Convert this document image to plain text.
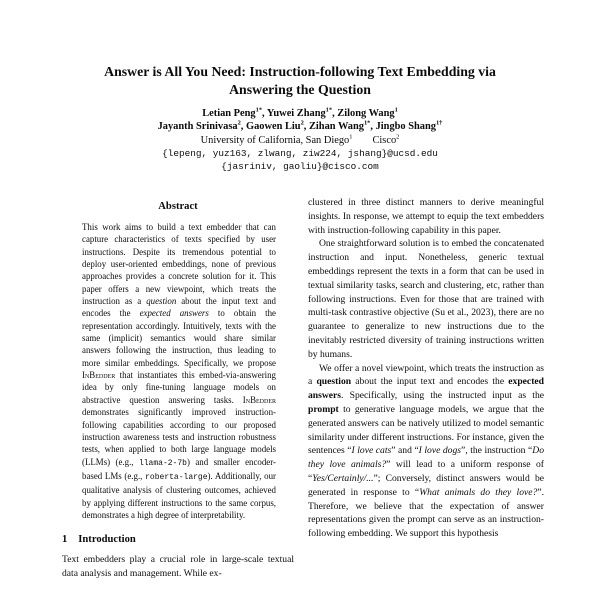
Answer is All You Need: Instruction-following Text Embedding via
Answering the Question
Letian Peng$^{1*}$, Yuwei Zhang$^{1*}$, Zilong Wang$^1$
Jayanth Srinivasa$^2$, Gaowen Liu$^2$, Zihan Wang$^{1*}$, Jingbo Shang$^{1\dagger}$
University of California, San Diego$^1$ Cisco$^2$
{lepeng, yuz163, zlwang, ziw224, jshang}@ucsd.edu
{jasriniv, gaoliu}@cisco.com
Abstract
This work aims to build a text embedder that can capture characteristics of texts specified by user instructions. Despite its tremendous potential to deploy user-oriented embeddings, none of previous approaches provides a concrete solution for it. This paper offers a new viewpoint, which treats the instruction as a question about the input text and encodes the expected answers to obtain the representation accordingly. Intuitively, texts with the same (implicit) semantics would share similar answers following the instruction, thus leading to more similar embeddings. Specifically, we propose InBedder that instantiates this embed-via-answering idea by only fine-tuning language models on abstractive question answering tasks. InBedder demonstrates significantly improved instruction-following capabilities according to our proposed instruction awareness tests and instruction robustness tests, when applied to both large language models (LLMs) (e.g., llama-2-7b) and smaller encoder-based LMs (e.g., roberta-large). Additionally, our qualitative analysis of clustering outcomes, achieved by applying different instructions to the same corpus, demonstrates a high degree of interpretability.
1 Introduction

Text embedders play a crucial role in large-scale textual data analysis and management. While ex-

clustered in three distinct manners to derive meaningful insights. In response, we attempt to equip the text embedders with instruction-following capability in this paper.

One straightforward solution is to embed the concatenated instruction and input. Nonetheless, generic textual embeddings represent the texts in a form that can be used in textual similarity tasks, search and clustering, etc, rather than following instructions. Even for those that are trained with multi-task contrastive objective (Su et al., 2023), there are no guarantee to generalize to new instructions due to the inevitably restricted diversity of training instructions written by humans.

We offer a novel viewpoint, which treats the instruction as a question about the input text and encodes the expected answers. Specifically, using the instructed input as the prompt to generative language models, we argue that the generated answers can be natively utilized to model semantic similarity under different instructions. For instance, given the sentences “I love cats” and “I love dogs”, the instruction “Do they love animals?” will lead to a uniform response of “Yes/Certainly/...”; Conversely, distinct answers would be generated in response to “What animals do they love?”. Therefore, we believe that the expectation of answer representations given the prompt can serve as an instruction-following embedding. We support this hypothesis
